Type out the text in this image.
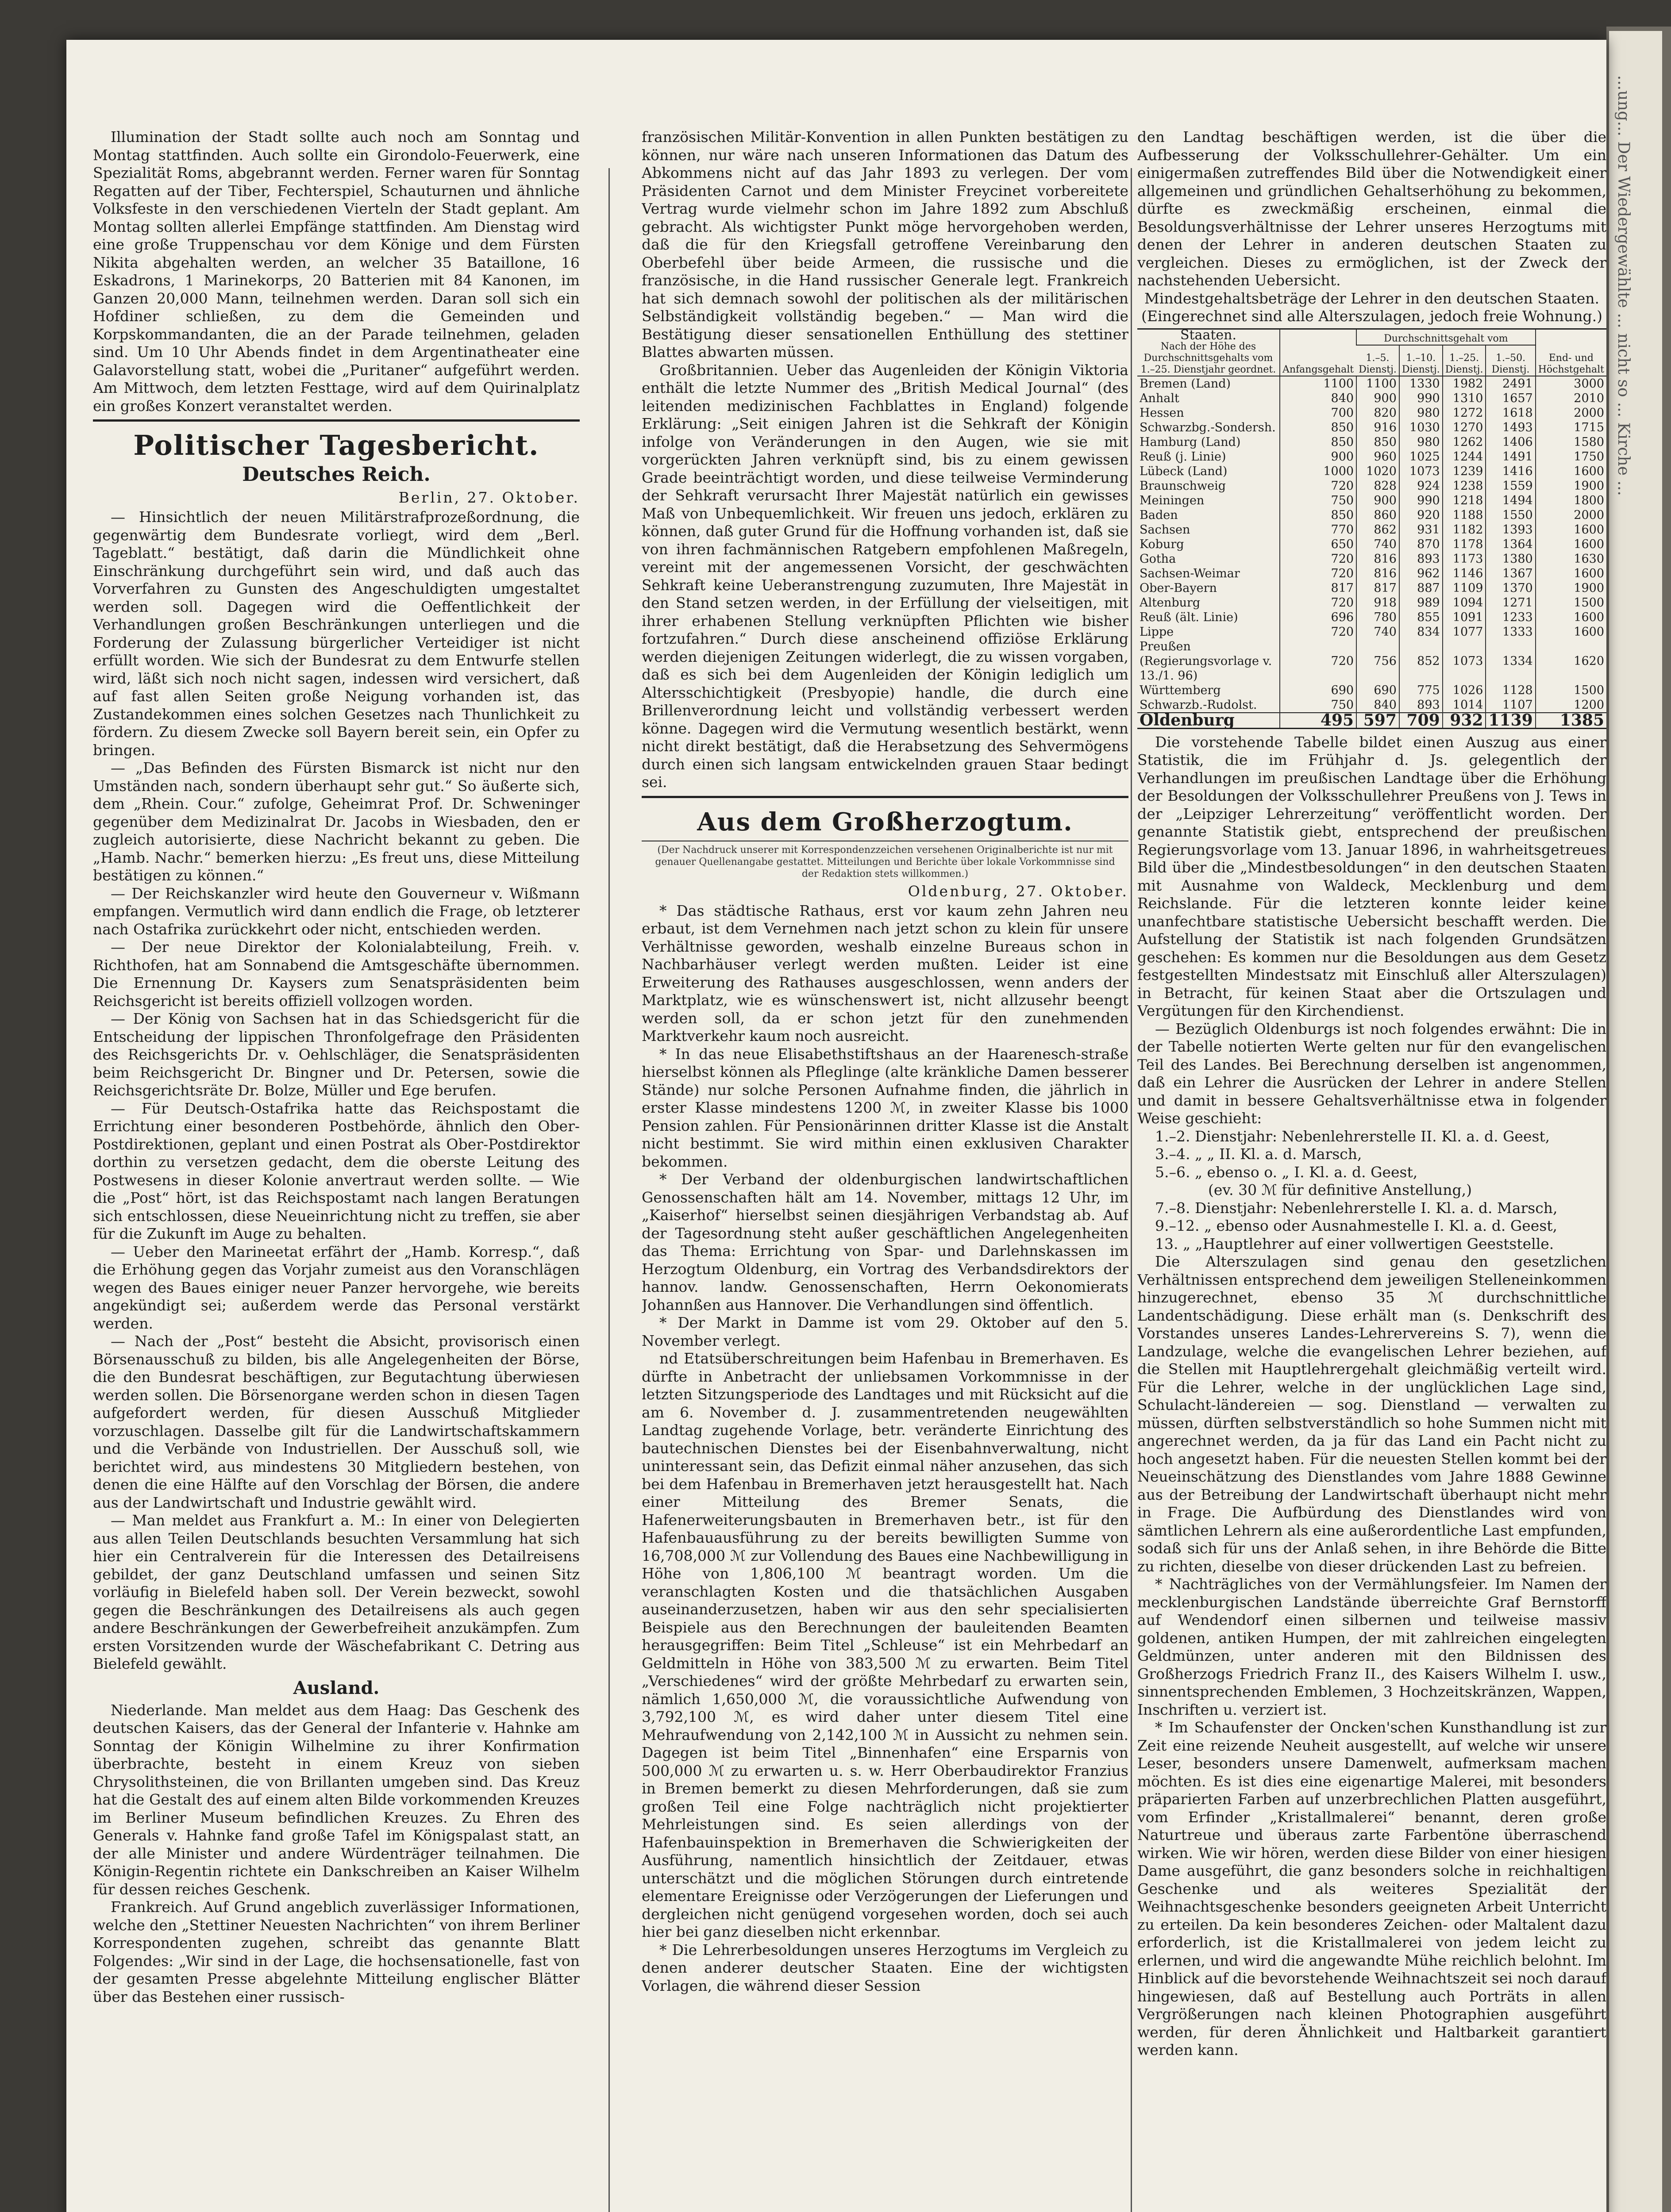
...ung... Der Wiedergewählte ... nicht so ... Kirche ...

Illumination der Stadt sollte auch noch am Sonntag und Montag stattfinden. Auch sollte ein Girondolo-Feuerwerk, eine Spezialität Roms, abgebrannt werden. Ferner waren für Sonntag Regatten auf der Tiber, Fechterspiel, Schauturnen und ähnliche Volksfeste in den verschiedenen Vierteln der Stadt geplant. Am Montag sollten allerlei Empfänge stattfinden. Am Dienstag wird eine große Truppenschau vor dem Könige und dem Fürsten Nikita abgehalten werden, an welcher 35 Bataillone, 16 Eskadrons, 1 Marinekorps, 20 Batterien mit 84 Kanonen, im Ganzen 20,000 Mann, teilnehmen werden. Daran soll sich ein Hofdiner schließen, zu dem die Gemeinden und Korpskommandanten, die an der Parade teilnehmen, geladen sind. Um 10 Uhr Abends findet in dem Argentinatheater eine Galavorstellung statt, wobei die „Puritaner“ aufgeführt werden. Am Mittwoch, dem letzten Festtage, wird auf dem Quirinalplatz ein großes Konzert veranstaltet werden.

Politischer Tagesbericht.
Deutsches Reich.
Berlin, 27. Oktober.

— Hinsichtlich der neuen Militärstrafprozeßordnung, die gegenwärtig dem Bundesrate vorliegt, wird dem „Berl. Tageblatt.“ bestätigt, daß darin die Mündlichkeit ohne Einschränkung durchgeführt sein wird, und daß auch das Vorverfahren zu Gunsten des Angeschuldigten umgestaltet werden soll. Dagegen wird die Oeffentlichkeit der Verhandlungen großen Beschränkungen unterliegen und die Forderung der Zulassung bürgerlicher Verteidiger ist nicht erfüllt worden. Wie sich der Bundesrat zu dem Entwurfe stellen wird, läßt sich noch nicht sagen, indessen wird versichert, daß auf fast allen Seiten große Neigung vorhanden ist, das Zustandekommen eines solchen Gesetzes nach Thunlichkeit zu fördern. Zu diesem Zwecke soll Bayern bereit sein, ein Opfer zu bringen.

— „Das Befinden des Fürsten Bismarck ist nicht nur den Umständen nach, sondern überhaupt sehr gut.“ So äußerte sich, dem „Rhein. Cour.“ zufolge, Geheimrat Prof. Dr. Schweninger gegenüber dem Medizinalrat Dr. Jacobs in Wiesbaden, den er zugleich autorisierte, diese Nachricht bekannt zu geben. Die „Hamb. Nachr.“ bemerken hierzu: „Es freut uns, diese Mitteilung bestätigen zu können.“

— Der Reichskanzler wird heute den Gouverneur v. Wißmann empfangen. Vermutlich wird dann endlich die Frage, ob letzterer nach Ostafrika zurückkehrt oder nicht, entschieden werden.

— Der neue Direktor der Kolonialabteilung, Freih. v. Richthofen, hat am Sonnabend die Amtsgeschäfte übernommen. Die Ernennung Dr. Kaysers zum Senatspräsidenten beim Reichsgericht ist bereits offiziell vollzogen worden.

— Der König von Sachsen hat in das Schiedsgericht für die Entscheidung der lippischen Thronfolgefrage den Präsidenten des Reichsgerichts Dr. v. Oehlschläger, die Senatspräsidenten beim Reichsgericht Dr. Bingner und Dr. Petersen, sowie die Reichsgerichtsräte Dr. Bolze, Müller und Ege berufen.

— Für Deutsch-Ostafrika hatte das Reichspostamt die Errichtung einer besonderen Postbehörde, ähnlich den Ober-Postdirektionen, geplant und einen Postrat als Ober-Postdirektor dorthin zu versetzen gedacht, dem die oberste Leitung des Postwesens in dieser Kolonie anvertraut werden sollte. — Wie die „Post“ hört, ist das Reichspostamt nach langen Beratungen sich entschlossen, diese Neueinrichtung nicht zu treffen, sie aber für die Zukunft im Auge zu behalten.

— Ueber den Marineetat erfährt der „Hamb. Korresp.“, daß die Erhöhung gegen das Vorjahr zumeist aus den Voranschlägen wegen des Baues einiger neuer Panzer hervorgehe, wie bereits angekündigt sei; außerdem werde das Personal verstärkt werden.

— Nach der „Post“ besteht die Absicht, provisorisch einen Börsenausschuß zu bilden, bis alle Angelegenheiten der Börse, die den Bundesrat beschäftigen, zur Begutachtung überwiesen werden sollen. Die Börsenorgane werden schon in diesen Tagen aufgefordert werden, für diesen Ausschuß Mitglieder vorzuschlagen. Dasselbe gilt für die Landwirtschaftskammern und die Verbände von Industriellen. Der Ausschuß soll, wie berichtet wird, aus mindestens 30 Mitgliedern bestehen, von denen die eine Hälfte auf den Vorschlag der Börsen, die andere aus der Landwirtschaft und Industrie gewählt wird.

— Man meldet aus Frankfurt a. M.: In einer von Delegierten aus allen Teilen Deutschlands besuchten Versammlung hat sich hier ein Centralverein für die Interessen des Detailreisens gebildet, der ganz Deutschland umfassen und seinen Sitz vorläufig in Bielefeld haben soll. Der Verein bezweckt, sowohl gegen die Beschränkungen des Detailreisens als auch gegen andere Beschränkungen der Gewerbefreiheit anzukämpfen. Zum ersten Vorsitzenden wurde der Wäschefabrikant C. Detring aus Bielefeld gewählt.

Ausland.

Niederlande. Man meldet aus dem Haag: Das Geschenk des deutschen Kaisers, das der General der Infanterie v. Hahnke am Sonntag der Königin Wilhelmine zu ihrer Konfirmation überbrachte, besteht in einem Kreuz von sieben Chrysolithsteinen, die von Brillanten umgeben sind. Das Kreuz hat die Gestalt des auf einem alten Bilde vorkommenden Kreuzes im Berliner Museum befindlichen Kreuzes. Zu Ehren des Generals v. Hahnke fand große Tafel im Königspalast statt, an der alle Minister und andere Würdenträger teilnahmen. Die Königin-Regentin richtete ein Dankschreiben an Kaiser Wilhelm für dessen reiches Geschenk.

Frankreich. Auf Grund angeblich zuverlässiger Informationen, welche den „Stettiner Neuesten Nachrichten“ von ihrem Berliner Korrespondenten zugehen, schreibt das genannte Blatt Folgendes: „Wir sind in der Lage, die hochsensationelle, fast von der gesamten Presse abgelehnte Mitteilung englischer Blätter über das Bestehen einer russisch-

französischen Militär-Konvention in allen Punkten bestätigen zu können, nur wäre nach unseren Informationen das Datum des Abkommens nicht auf das Jahr 1893 zu verlegen. Der vom Präsidenten Carnot und dem Minister Freycinet vorbereitete Vertrag wurde vielmehr schon im Jahre 1892 zum Abschluß gebracht. Als wichtigster Punkt möge hervorgehoben werden, daß die für den Kriegsfall getroffene Vereinbarung den Oberbefehl über beide Armeen, die russische und die französische, in die Hand russischer Generale legt. Frankreich hat sich demnach sowohl der politischen als der militärischen Selbständigkeit vollständig begeben.“ — Man wird die Bestätigung dieser sensationellen Enthüllung des stettiner Blattes abwarten müssen.

Großbritannien. Ueber das Augenleiden der Königin Viktoria enthält die letzte Nummer des „British Medical Journal“ (des leitenden medizinischen Fachblattes in England) folgende Erklärung: „Seit einigen Jahren ist die Sehkraft der Königin infolge von Veränderungen in den Augen, wie sie mit vorgerückten Jahren verknüpft sind, bis zu einem gewissen Grade beeinträchtigt worden, und diese teilweise Verminderung der Sehkraft verursacht Ihrer Majestät natürlich ein gewisses Maß von Unbequemlichkeit. Wir freuen uns jedoch, erklären zu können, daß guter Grund für die Hoffnung vorhanden ist, daß sie von ihren fachmännischen Ratgebern empfohlenen Maßregeln, vereint mit der angemessenen Vorsicht, der geschwächten Sehkraft keine Ueberanstrengung zuzumuten, Ihre Majestät in den Stand setzen werden, in der Erfüllung der vielseitigen, mit ihrer erhabenen Stellung verknüpften Pflichten wie bisher fortzufahren.“ Durch diese anscheinend offiziöse Erklärung werden diejenigen Zeitungen widerlegt, die zu wissen vorgaben, daß es sich bei dem Augenleiden der Königin lediglich um Altersschichtigkeit (Presbyopie) handle, die durch eine Brillenverordnung leicht und vollständig verbessert werden könne. Dagegen wird die Vermutung wesentlich bestärkt, wenn nicht direkt bestätigt, daß die Herabsetzung des Sehvermögens durch einen sich langsam entwickelnden grauen Staar bedingt sei.

Aus dem Großherzogtum.
(Der Nachdruck unserer mit Korrespondenzzeichen versehenen Originalberichte ist nur mit genauer Quellenangabe gestattet. Mitteilungen und Berichte über lokale Vorkommnisse sind der Redaktion stets willkommen.)
Oldenburg, 27. Oktober.

* Das städtische Rathaus, erst vor kaum zehn Jahren neu erbaut, ist dem Vernehmen nach jetzt schon zu klein für unsere Verhältnisse geworden, weshalb einzelne Bureaus schon in Nachbarhäuser verlegt werden mußten. Leider ist eine Erweiterung des Rathauses ausgeschlossen, wenn anders der Marktplatz, wie es wünschenswert ist, nicht allzusehr beengt werden soll, da er schon jetzt für den zunehmenden Marktverkehr kaum noch ausreicht.

* In das neue Elisabethstiftshaus an der Haarenesch-straße hierselbst können als Pfleglinge (alte kränkliche Damen besserer Stände) nur solche Personen Aufnahme finden, die jährlich in erster Klasse mindestens 1200 ℳ, in zweiter Klasse bis 1000 Pension zahlen. Für Pensionärinnen dritter Klasse ist die Anstalt nicht bestimmt. Sie wird mithin einen exklusiven Charakter bekommen.

* Der Verband der oldenburgischen landwirtschaftlichen Genossenschaften hält am 14. November, mittags 12 Uhr, im „Kaiserhof“ hierselbst seinen diesjährigen Verbandstag ab. Auf der Tagesordnung steht außer geschäftlichen Angelegenheiten das Thema: Errichtung von Spar- und Darlehnskassen im Herzogtum Oldenburg, ein Vortrag des Verbandsdirektors der hannov. landw. Genossenschaften, Herrn Oekonomierats Johannßen aus Hannover. Die Verhandlungen sind öffentlich.

* Der Markt in Damme ist vom 29. Oktober auf den 5. November verlegt.

nd Etatsüberschreitungen beim Hafenbau in Bremerhaven. Es dürfte in Anbetracht der unliebsamen Vorkommnisse in der letzten Sitzungsperiode des Landtages und mit Rücksicht auf die am 6. November d. J. zusammentretenden neugewählten Landtag zugehende Vorlage, betr. veränderte Einrichtung des bautechnischen Dienstes bei der Eisenbahnverwaltung, nicht uninteressant sein, das Defizit einmal näher anzusehen, das sich bei dem Hafenbau in Bremerhaven jetzt herausgestellt hat. Nach einer Mitteilung des Bremer Senats, die Hafenerweiterungsbauten in Bremerhaven betr., ist für den Hafenbauausführung zu der bereits bewilligten Summe von 16,708,000 ℳ zur Vollendung des Baues eine Nachbewilligung in Höhe von 1,806,100 ℳ beantragt worden. Um die veranschlagten Kosten und die thatsächlichen Ausgaben auseinanderzusetzen, haben wir aus den sehr specialisierten Beispiele aus den Berechnungen der bauleitenden Beamten herausgegriffen: Beim Titel „Schleuse“ ist ein Mehrbedarf an Geldmitteln in Höhe von 383,500 ℳ zu erwarten. Beim Titel „Verschiedenes“ wird der größte Mehrbedarf zu erwarten sein, nämlich 1,650,000 ℳ, die voraussichtliche Aufwendung von 3,792,100 ℳ, es wird daher unter diesem Titel eine Mehraufwendung von 2,142,100 ℳ in Aussicht zu nehmen sein. Dagegen ist beim Titel „Binnenhafen“ eine Ersparnis von 500,000 ℳ zu erwarten u. s. w. Herr Oberbaudirektor Franzius in Bremen bemerkt zu diesen Mehrforderungen, daß sie zum großen Teil eine Folge nachträglich nicht projektierter Mehrleistungen sind. Es seien allerdings von der Hafenbauinspektion in Bremerhaven die Schwierigkeiten der Ausführung, namentlich hinsichtlich der Zeitdauer, etwas unterschätzt und die möglichen Störungen durch eintretende elementare Ereignisse oder Verzögerungen der Lieferungen und dergleichen nicht genügend vorgesehen worden, doch sei auch hier bei ganz dieselben nicht erkennbar.

* Die Lehrerbesoldungen unseres Herzogtums im Vergleich zu denen anderer deutscher Staaten. Eine der wichtigsten Vorlagen, die während dieser Session

den Landtag beschäftigen werden, ist die über die Aufbesserung der Volksschullehrer-Gehälter. Um ein einigermaßen zutreffendes Bild über die Notwendigkeit einer allgemeinen und gründlichen Gehaltserhöhung zu bekommen, dürfte es zweckmäßig erscheinen, einmal die Besoldungsverhältnisse der Lehrer unseres Herzogtums mit denen der Lehrer in anderen deutschen Staaten zu vergleichen. Dieses zu ermöglichen, ist der Zweck der nachstehenden Uebersicht.

Mindestgehaltsbeträge der Lehrer in den deutschen Staaten.

(Eingerechnet sind alle Alterszulagen, jedoch freie Wohnung.)

Staaten.
Nach der Höhe des Durchschnittsgehalts vom 1.–25. Dienstjahr geordnet.	Anfangsgehalt	Durchschnittsgehalt vom				End- und Höchstgehalt
		1.–5. Dienstj.	1.–10. Dienstj.	1.–25. Dienstj.	1.–50. Dienstj.	
Bremen (Land)	1100	1100	1330	1982	2491	3000
Anhalt	840	900	990	1310	1657	2010
Hessen	700	820	980	1272	1618	2000
Schwarzbg.-Sondersh.	850	916	1030	1270	1493	1715
Hamburg (Land)	850	850	980	1262	1406	1580
Reuß (j. Linie)	900	960	1025	1244	1491	1750
Lübeck (Land)	1000	1020	1073	1239	1416	1600
Braunschweig	720	828	924	1238	1559	1900
Meiningen	750	900	990	1218	1494	1800
Baden	850	860	920	1188	1550	2000
Sachsen	770	862	931	1182	1393	1600
Koburg	650	740	870	1178	1364	1600
Gotha	720	816	893	1173	1380	1630
Sachsen-Weimar	720	816	962	1146	1367	1600
Ober-Bayern	817	817	887	1109	1370	1900
Altenburg	720	918	989	1094	1271	1500
Reuß (ält. Linie)	696	780	855	1091	1233	1600
Lippe	720	740	834	1077	1333	1600
Preußen (Regierungsvorlage v. 13./1. 96)	720	756	852	1073	1334	1620
Württemberg	690	690	775	1026	1128	1500
Schwarzb.-Rudolst.	750	840	893	1014	1107	1200
Oldenburg	495	597	709	932	1139	1385

Die vorstehende Tabelle bildet einen Auszug aus einer Statistik, die im Frühjahr d. Js. gelegentlich der Verhandlungen im preußischen Landtage über die Erhöhung der Besoldungen der Volksschullehrer Preußens von J. Tews in der „Leipziger Lehrerzeitung“ veröffentlicht worden. Der genannte Statistik giebt, entsprechend der preußischen Regierungsvorlage vom 13. Januar 1896, in wahrheitsgetreues Bild über die „Mindestbesoldungen“ in den deutschen Staaten mit Ausnahme von Waldeck, Mecklenburg und dem Reichslande. Für die letzteren konnte leider keine unanfechtbare statistische Uebersicht beschafft werden. Die Aufstellung der Statistik ist nach folgenden Grundsätzen geschehen: Es kommen nur die Besoldungen aus dem Gesetz festgestellten Mindestsatz mit Einschluß aller Alterszulagen) in Betracht, für keinen Staat aber die Ortszulagen und Vergütungen für den Kirchendienst.

— Bezüglich Oldenburgs ist noch folgendes erwähnt: Die in der Tabelle notierten Werte gelten nur für den evangelischen Teil des Landes. Bei Berechnung derselben ist angenommen, daß ein Lehrer die Ausrücken der Lehrer in andere Stellen und damit in bessere Gehaltsverhältnisse etwa in folgender Weise geschieht:

1.–2. Dienstjahr: Nebenlehrerstelle II. Kl. a. d. Geest,

3.–4. „ „ II. Kl. a. d. Marsch,

5.–6. „ ebenso o. „ I. Kl. a. d. Geest,

(ev. 30 ℳ für definitive Anstellung,)

7.–8. Dienstjahr: Nebenlehrerstelle I. Kl. a. d. Marsch,

9.–12. „ ebenso oder Ausnahmestelle I. Kl. a. d. Geest,

13. „ „Hauptlehrer auf einer vollwertigen Geeststelle.

Die Alterszulagen sind genau den gesetzlichen Verhältnissen entsprechend dem jeweiligen Stelleneinkommen hinzugerechnet, ebenso 35 ℳ durchschnittliche Landentschädigung. Diese erhält man (s. Denkschrift des Vorstandes unseres Landes-Lehrervereins S. 7), wenn die Landzulage, welche die evangelischen Lehrer beziehen, auf die Stellen mit Hauptlehrergehalt gleichmäßig verteilt wird. Für die Lehrer, welche in der unglücklichen Lage sind, Schulacht-ländereien — sog. Dienstland — verwalten zu müssen, dürften selbstverständlich so hohe Summen nicht mit angerechnet werden, da ja für das Land ein Pacht nicht zu hoch angesetzt haben. Für die neuesten Stellen kommt bei der Neueinschätzung des Dienstlandes vom Jahre 1888 Gewinne aus der Betreibung der Landwirtschaft überhaupt nicht mehr in Frage. Die Aufbürdung des Dienstlandes wird von sämtlichen Lehrern als eine außerordentliche Last empfunden, sodaß sich für uns der Anlaß sehen, in ihre Behörde die Bitte zu richten, dieselbe von dieser drückenden Last zu befreien.

* Nachträgliches von der Vermählungsfeier. Im Namen der mecklenburgischen Landstände überreichte Graf Bernstorff auf Wendendorf einen silbernen und teilweise massiv goldenen, antiken Humpen, der mit zahlreichen eingelegten Geldmünzen, unter anderen mit den Bildnissen des Großherzogs Friedrich Franz II., des Kaisers Wilhelm I. usw., sinnentsprechenden Emblemen, 3 Hochzeitskränzen, Wappen, Inschriften u. verziert ist.

* Im Schaufenster der Oncken'schen Kunsthandlung ist zur Zeit eine reizende Neuheit ausgestellt, auf welche wir unsere Leser, besonders unsere Damenwelt, aufmerksam machen möchten. Es ist dies eine eigenartige Malerei, mit besonders präparierten Farben auf unzerbrechlichen Platten ausgeführt, vom Erfinder „Kristallmalerei“ benannt, deren große Naturtreue und überaus zarte Farbentöne überraschend wirken. Wie wir hören, werden diese Bilder von einer hiesigen Dame ausgeführt, die ganz besonders solche in reichhaltigen Geschenke und als weiteres Spezialität der Weihnachtsgeschenke besonders geeigneten Arbeit Unterricht zu erteilen. Da kein besonderes Zeichen- oder Maltalent dazu erforderlich, ist die Kristallmalerei von jedem leicht zu erlernen, und wird die angewandte Mühe reichlich belohnt. Im Hinblick auf die bevorstehende Weihnachtszeit sei noch darauf hingewiesen, daß auf Bestellung auch Porträts in allen Vergrößerungen nach kleinen Photographien ausgeführt werden, für deren Ähnlichkeit und Haltbarkeit garantiert werden kann.
